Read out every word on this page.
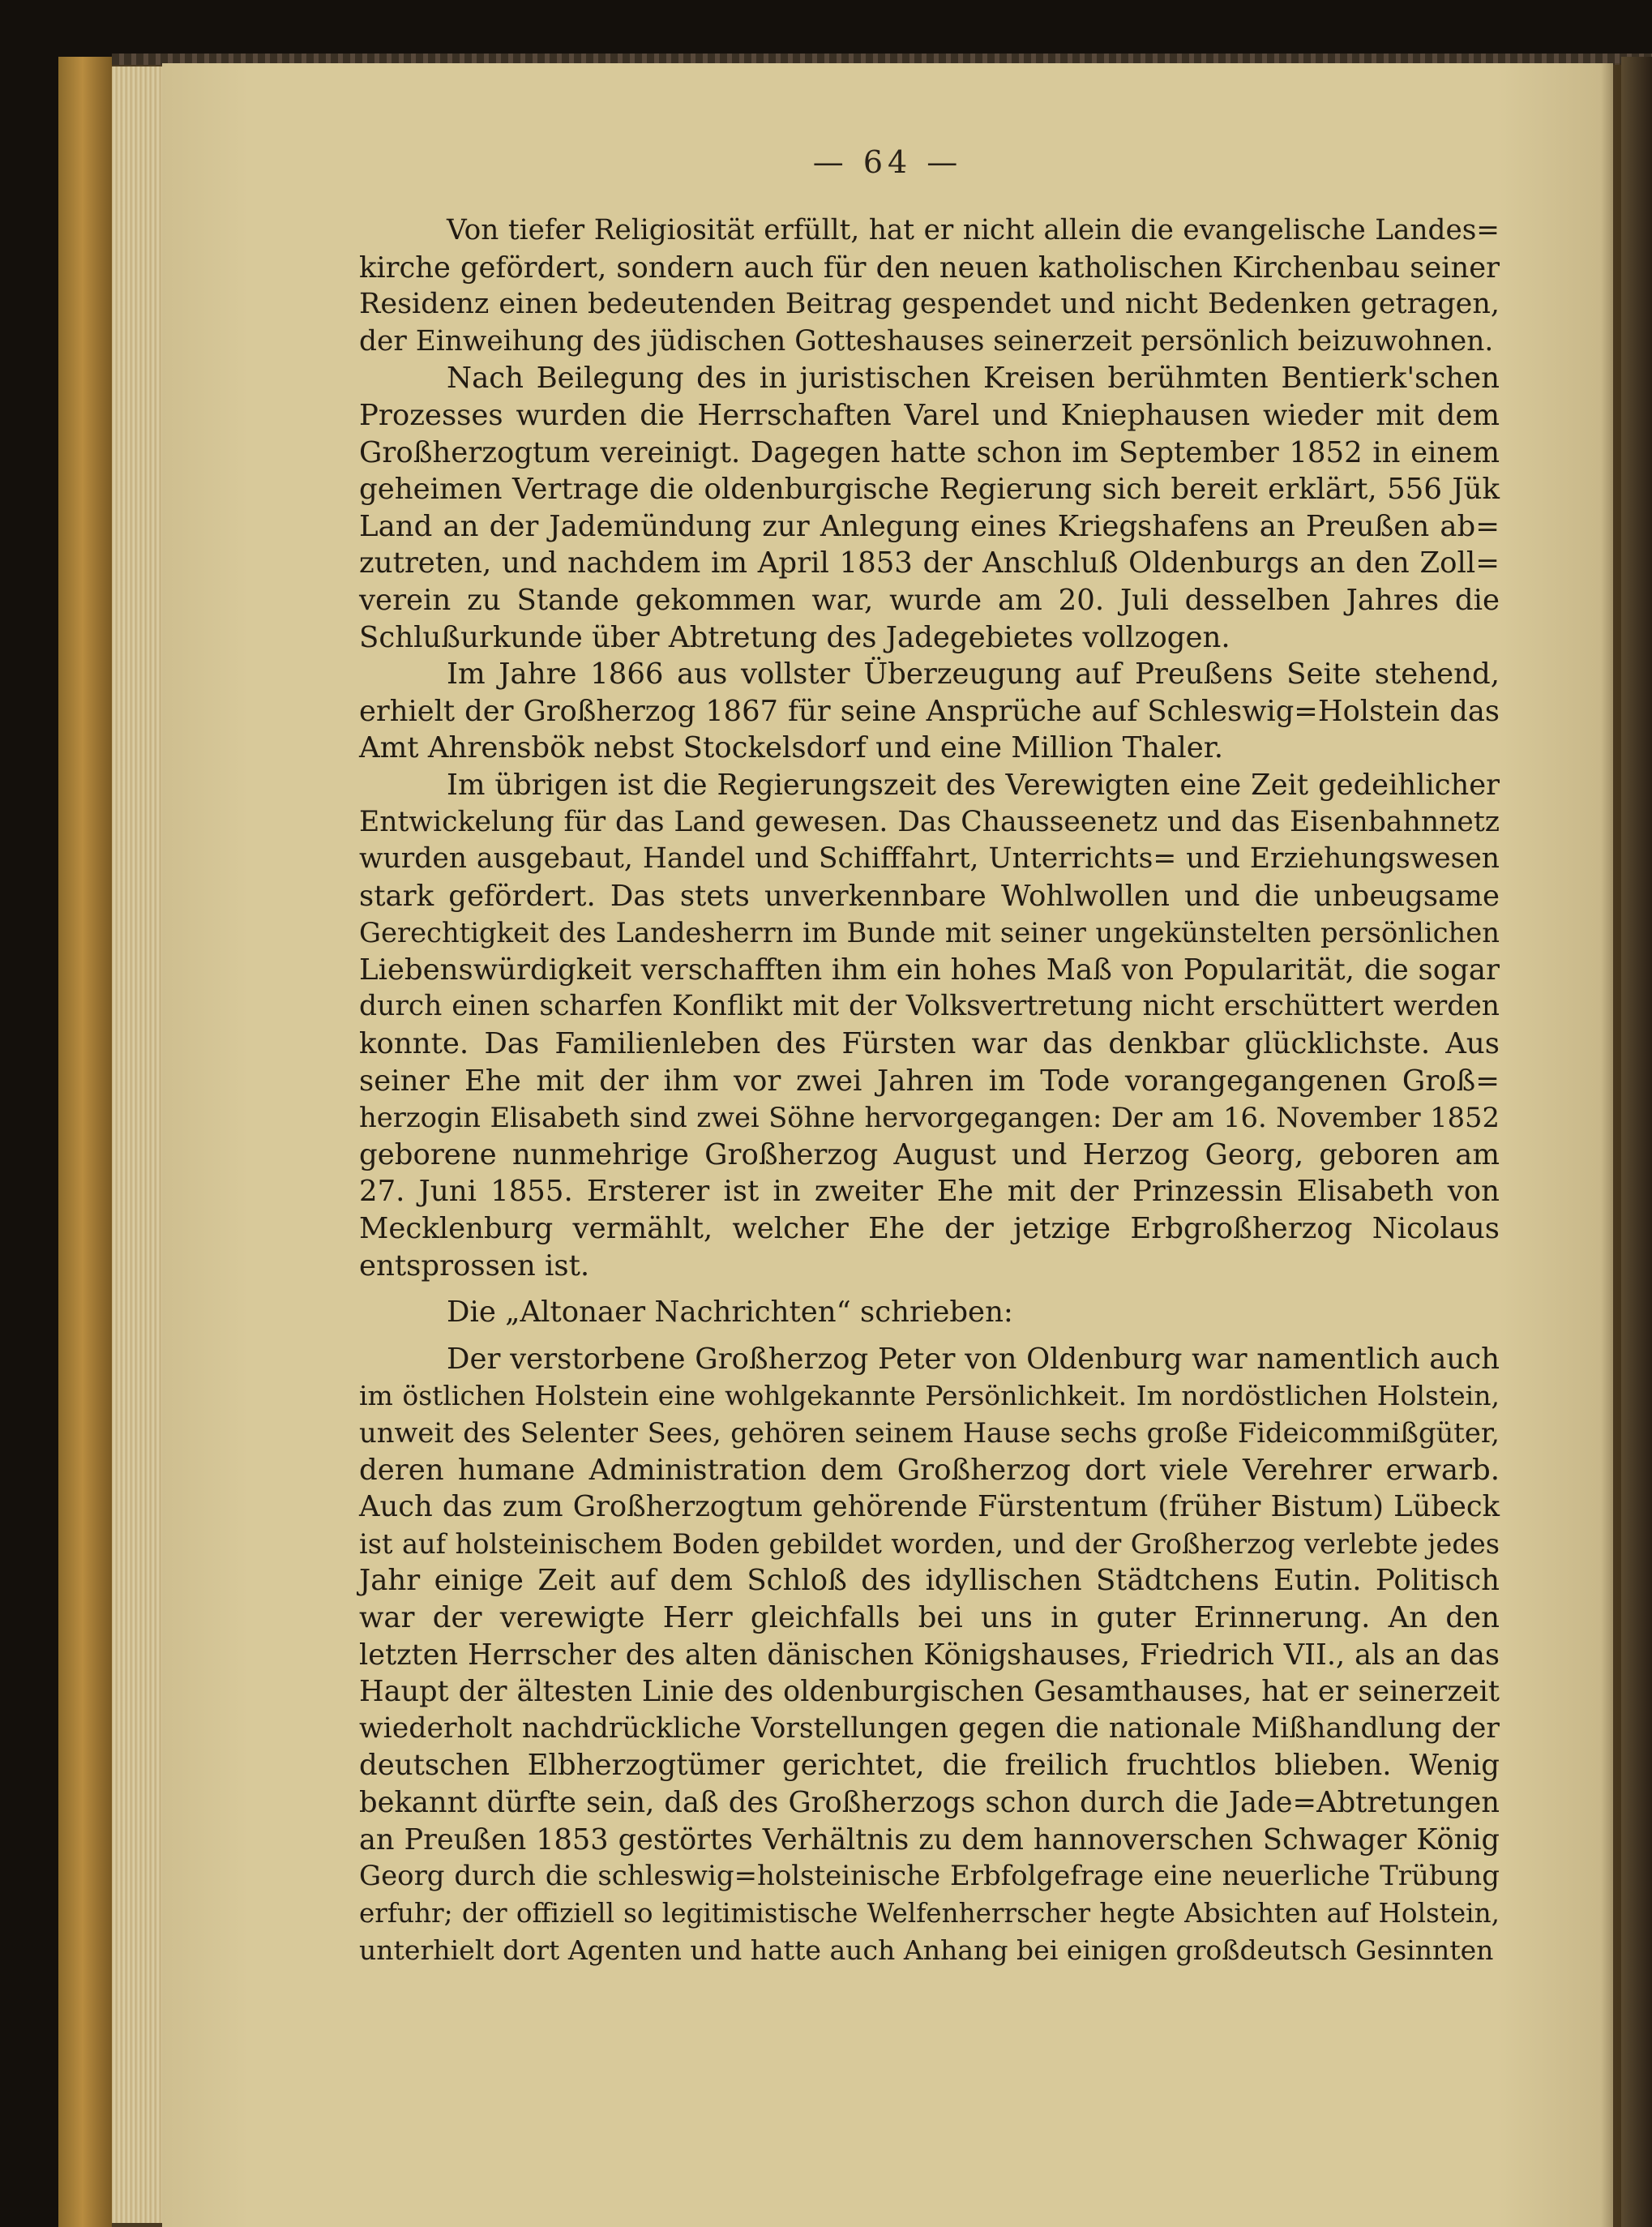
— 64 —
Von tiefer Religiosität erfüllt, hat er nicht allein die evangelische Landes=
kirche gefördert, sondern auch für den neuen katholischen Kirchenbau seiner
Residenz einen bedeutenden Beitrag gespendet und nicht Bedenken getragen,
der Einweihung des jüdischen Gotteshauses seinerzeit persönlich beizuwohnen.
Nach Beilegung des in juristischen Kreisen berühmten Bentierk'schen
Prozesses wurden die Herrschaften Varel und Kniephausen wieder mit dem
Großherzogtum vereinigt. Dagegen hatte schon im September 1852 in einem
geheimen Vertrage die oldenburgische Regierung sich bereit erklärt, 556 Jük
Land an der Jademündung zur Anlegung eines Kriegshafens an Preußen ab=
zutreten, und nachdem im April 1853 der Anschluß Oldenburgs an den Zoll=
verein zu Stande gekommen war, wurde am 20. Juli desselben Jahres die
Schlußurkunde über Abtretung des Jadegebietes vollzogen.
Im Jahre 1866 aus vollster Überzeugung auf Preußens Seite stehend,
erhielt der Großherzog 1867 für seine Ansprüche auf Schleswig=Holstein das
Amt Ahrensbök nebst Stockelsdorf und eine Million Thaler.
Im übrigen ist die Regierungszeit des Verewigten eine Zeit gedeihlicher
Entwickelung für das Land gewesen. Das Chausseenetz und das Eisenbahnnetz
wurden ausgebaut, Handel und Schifffahrt, Unterrichts= und Erziehungswesen
stark gefördert. Das stets unverkennbare Wohlwollen und die unbeugsame
Gerechtigkeit des Landesherrn im Bunde mit seiner ungekünstelten persönlichen
Liebenswürdigkeit verschafften ihm ein hohes Maß von Popularität, die sogar
durch einen scharfen Konflikt mit der Volksvertretung nicht erschüttert werden
konnte. Das Familienleben des Fürsten war das denkbar glücklichste. Aus
seiner Ehe mit der ihm vor zwei Jahren im Tode vorangegangenen Groß=
herzogin Elisabeth sind zwei Söhne hervorgegangen: Der am 16. November 1852
geborene nunmehrige Großherzog August und Herzog Georg, geboren am
27. Juni 1855. Ersterer ist in zweiter Ehe mit der Prinzessin Elisabeth von
Mecklenburg vermählt, welcher Ehe der jetzige Erbgroßherzog Nicolaus
entsprossen ist.
Die „Altonaer Nachrichten“ schrieben:
Der verstorbene Großherzog Peter von Oldenburg war namentlich auch
im östlichen Holstein eine wohlgekannte Persönlichkeit. Im nordöstlichen Holstein,
unweit des Selenter Sees, gehören seinem Hause sechs große Fideicommißgüter,
deren humane Administration dem Großherzog dort viele Verehrer erwarb.
Auch das zum Großherzogtum gehörende Fürstentum (früher Bistum) Lübeck
ist auf holsteinischem Boden gebildet worden, und der Großherzog verlebte jedes
Jahr einige Zeit auf dem Schloß des idyllischen Städtchens Eutin. Politisch
war der verewigte Herr gleichfalls bei uns in guter Erinnerung. An den
letzten Herrscher des alten dänischen Königshauses, Friedrich VII., als an das
Haupt der ältesten Linie des oldenburgischen Gesamthauses, hat er seinerzeit
wiederholt nachdrückliche Vorstellungen gegen die nationale Mißhandlung der
deutschen Elbherzogtümer gerichtet, die freilich fruchtlos blieben. Wenig
bekannt dürfte sein, daß des Großherzogs schon durch die Jade=Abtretungen
an Preußen 1853 gestörtes Verhältnis zu dem hannoverschen Schwager König
Georg durch die schleswig=holsteinische Erbfolgefrage eine neuerliche Trübung
erfuhr; der offiziell so legitimistische Welfenherrscher hegte Absichten auf Holstein,
unterhielt dort Agenten und hatte auch Anhang bei einigen großdeutsch Gesinnten
